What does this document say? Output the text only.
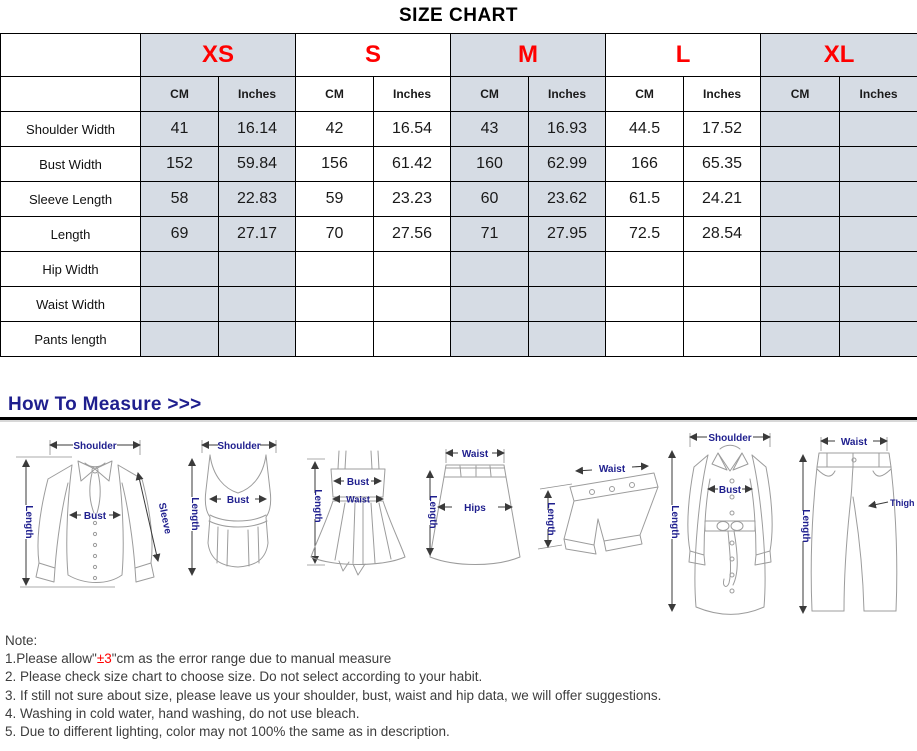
SIZE CHART
	XS		S		M		L		XL	
	CM	Inches	CM	Inches	CM	Inches	CM	Inches	CM	Inches
Shoulder Width	41	16.14	42	16.54	43	16.93	44.5	17.52		
Bust Width	152	59.84	156	61.42	160	62.99	166	65.35		
Sleeve Length	58	22.83	59	23.23	60	23.62	61.5	24.21		
Length	69	27.17	70	27.56	71	27.95	72.5	28.54		
Hip Width										
Waist Width										
Pants length										
How To Measure >>>
Shoulder
Length	Bust	Sleeve
Shoulder
Length	Bust	Length
Bust
Waist
Waist
Length	Hips
Waist
Length
Shoulder
Length
Bust
Waist
Length
Thigh
Note:
1.Please allow"±3"cm as the error range due to manual measure
2. Please check size chart to choose size. Do not select according to your habit.
3. If still not sure about size, please leave us your shoulder, bust, waist and hip data, we will offer suggestions.
4. Washing in cold water, hand washing, do not use bleach.
5. Due to different lighting, color may not 100% the same as in description.
